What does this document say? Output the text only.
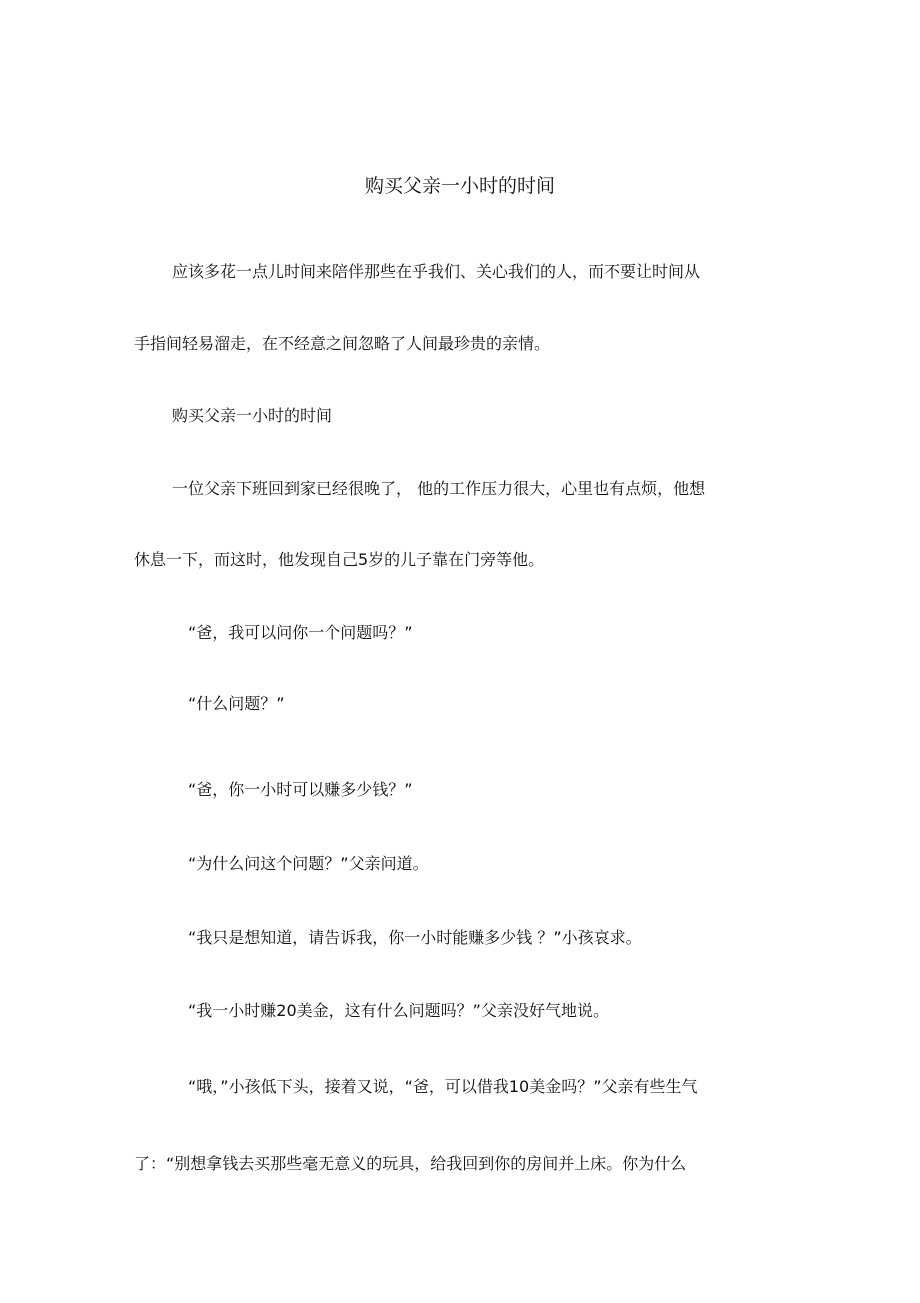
购买父亲一小时的时间
应该多花一点儿时间来陪伴那些在乎我们、关心我们的人，而不要让时间从
手指间轻易溜走，在不经意之间忽略了人间最珍贵的亲情。
购买父亲一小时的时间
一位父亲下班回到家已经很晚了， 他的工作压力很大，心里也有点烦，他想
休息一下，而这时，他发现自己5岁的儿子靠在门旁等他。
“爸，我可以问你一个问题吗？”
“什么问题？”
“爸，你一小时可以赚多少钱？”
“为什么问这个问题？”父亲问道。
“我只是想知道，请告诉我，你一小时能赚多少钱 ？”小孩哀求。
“我一小时赚20美金，这有什么问题吗？”父亲没好气地说。
“哦，”小孩低下头，接着又说，“爸，可以借我10美金吗？”父亲有些生气
了：“别想拿钱去买那些毫无意义的玩具，给我回到你的房间并上床。你为什么
